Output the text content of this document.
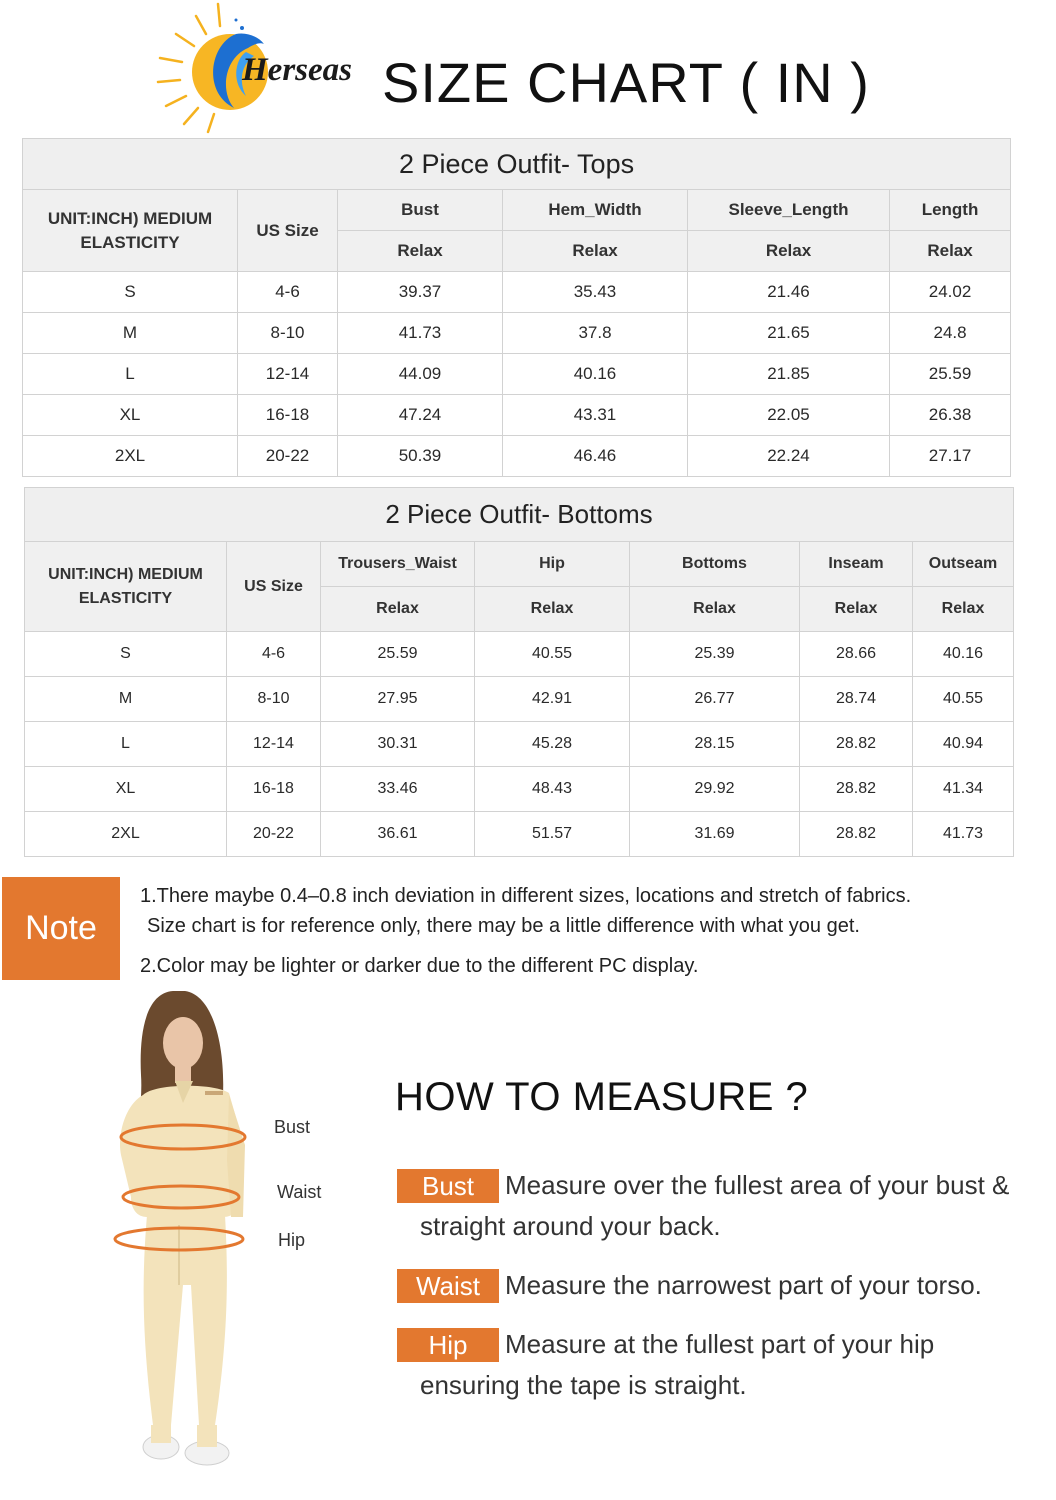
Herseas SIZE CHART ( IN )
2 Piece Outfit- Tops					
UNIT:INCH) MEDIUM ELASTICITY	US Size	Bust	Hem_Width	Sleeve_Length	Length
		Relax	Relax	Relax	Relax
S	4-6	39.37	35.43	21.46	24.02
M	8-10	41.73	37.8	21.65	24.8
L	12-14	44.09	40.16	21.85	25.59
XL	16-18	47.24	43.31	22.05	26.38
2XL	20-22	50.39	46.46	22.24	27.17
2 Piece Outfit- Bottoms						
UNIT:INCH) MEDIUM ELASTICITY	US Size	Trousers_Waist	Hip	Bottoms	Inseam	Outseam
		Relax	Relax	Relax	Relax	Relax
S	4-6	25.59	40.55	25.39	28.66	40.16
M	8-10	27.95	42.91	26.77	28.74	40.55
L	12-14	30.31	45.28	28.15	28.82	40.94
XL	16-18	33.46	48.43	29.92	28.82	41.34
2XL	20-22	36.61	51.57	31.69	28.82	41.73
Note
1.There maybe 0.4–0.8 inch deviation in different sizes, locations and stretch of fabrics.
Size chart is for reference only, there may be a little difference with what you get.
2.Color may be lighter or darker due to the different PC display.
Bust
Waist
Hip
HOW TO MEASURE ?
Bust	Measure over the fullest area of your bust &
straight around your back.
Waist Measure the narrowest part of your torso.
Hip	Measure at the fullest part of your hip
ensuring the tape is straight.
